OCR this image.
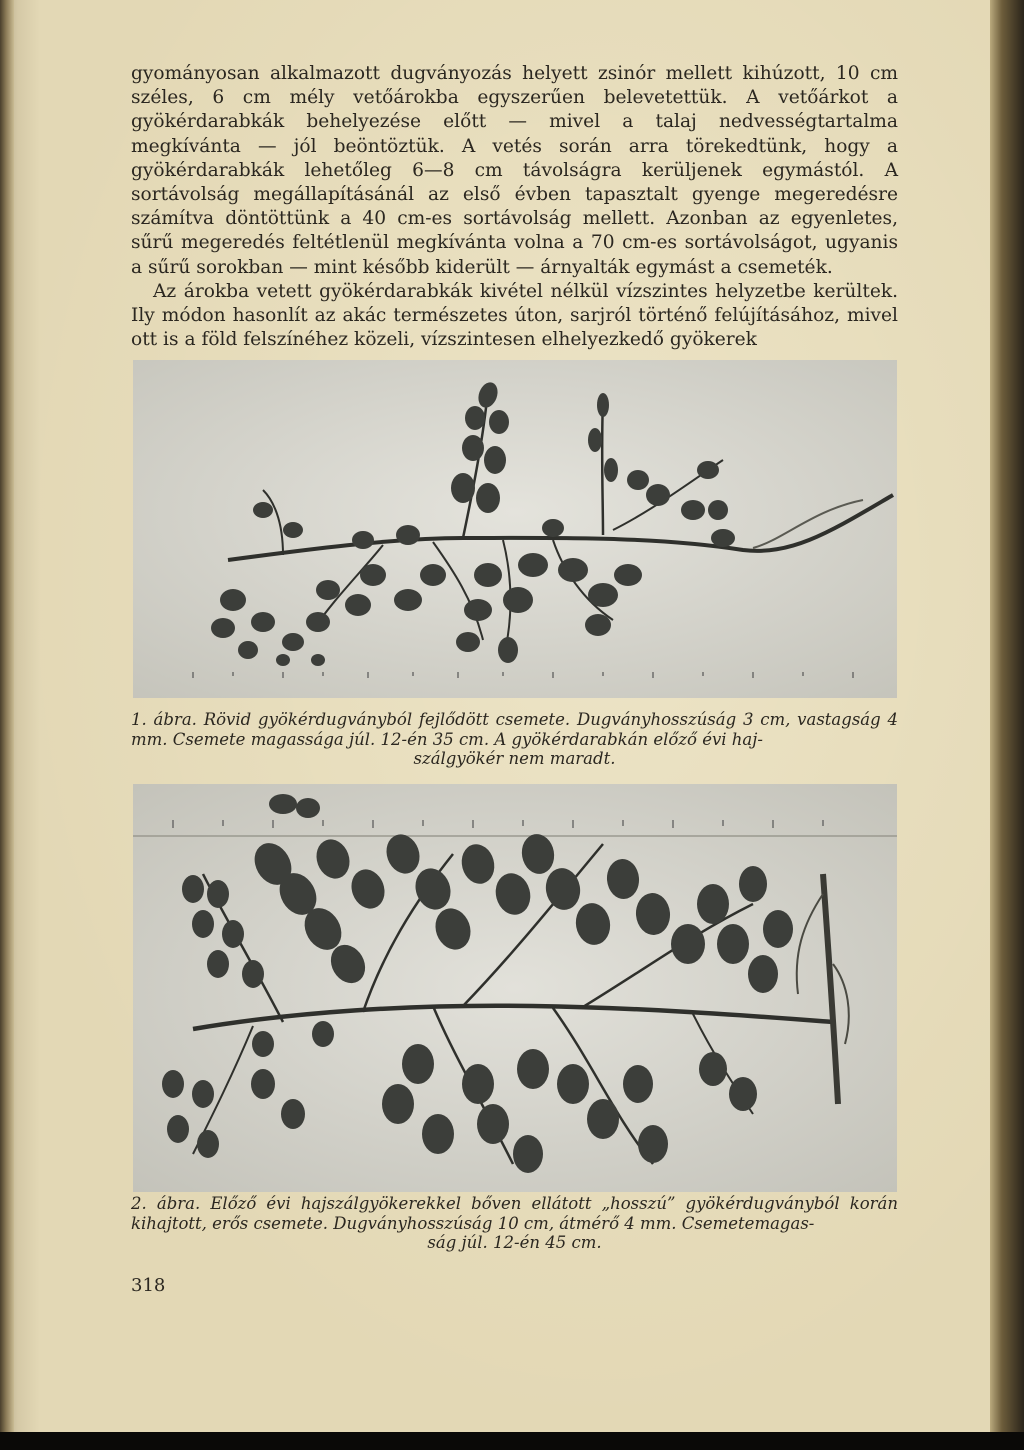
gyományosan alkalmazott dugványozás helyett zsinór mellett kihúzott, 10 cm széles, 6 cm mély vetőárokba egyszerűen belevetettük. A vetőárkot a gyökérdarabkák behelyezése előtt — mivel a talaj nedvességtartalma megkívánta — jól beöntöztük. A vetés során arra törekedtünk, hogy a gyökérdarabkák lehetőleg 6—8 cm távolságra kerüljenek egymástól. A sortávolság megállapításánál az első évben tapasztalt gyenge megeredésre számítva döntöttünk a 40 cm-es sortávolság mellett. Azonban az egyenletes, sűrű megeredés feltétlenül megkívánta volna a 70 cm-es sortávolságot, ugyanis a sűrű sorokban — mint később kiderült — árnyalták egymást a csemeték.

Az árokba vetett gyökérdarabkák kivétel nélkül vízszintes helyzetbe kerültek. Ily módon hasonlít az akác természetes úton, sarjról történő felújításához, mivel ott is a föld felszínéhez közeli, vízszintesen elhelyezkedő gyökerek

1. ábra. Rövid gyökérdugványból fejlődött csemete. Dugványhosszúság 3 cm, vastagság 4 mm. Csemete magassága júl. 12-én 35 cm. A gyökérdarabkán előző évi haj-
szálgyökér nem maradt.

2. ábra. Előző évi hajszálgyökerekkel bőven ellátott „hosszú” gyökérdugványból korán kihajtott, erős csemete. Dugványhosszúság 10 cm, átmérő 4 mm. Csemetemagas-
ság júl. 12-én 45 cm.

318
